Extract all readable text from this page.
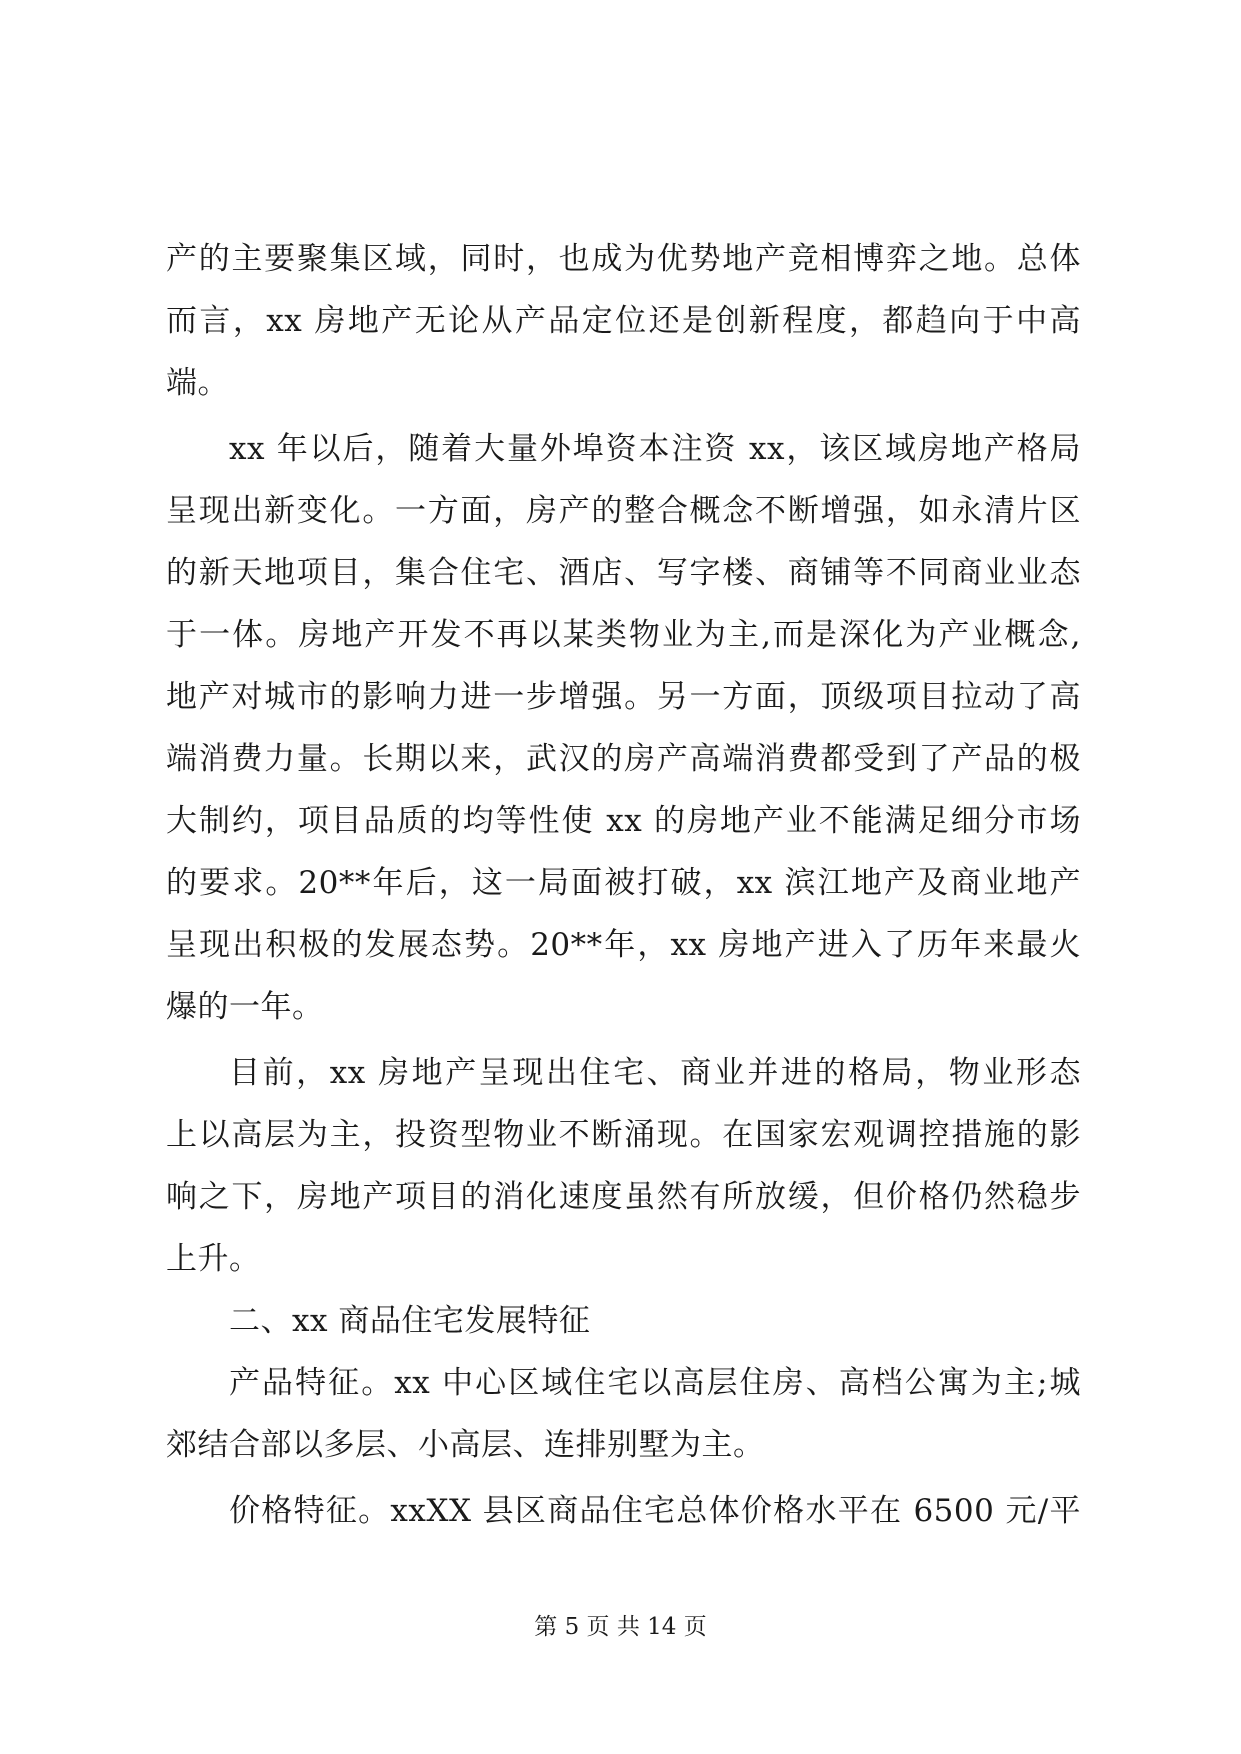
产的主要聚集区域，同时，也成为优势地产竞相博弈之地。总体
而言，xx 房地产无论从产品定位还是创新程度，都趋向于中高
端。
xx 年以后，随着大量外埠资本注资 xx，该区域房地产格局
呈现出新变化。一方面，房产的整合概念不断增强，如永清片区
的新天地项目，集合住宅、酒店、写字楼、商铺等不同商业业态
于一体。房地产开发不再以某类物业为主,而是深化为产业概念,
地产对城市的影响力进一步增强。另一方面，顶级项目拉动了高
端消费力量。长期以来，武汉的房产高端消费都受到了产品的极
大制约，项目品质的均等性使 xx 的房地产业不能满足细分市场
的要求。20**年后，这一局面被打破，xx 滨江地产及商业地产
呈现出积极的发展态势。20**年，xx 房地产进入了历年来最火
爆的一年。
目前，xx 房地产呈现出住宅、商业并进的格局，物业形态
上以高层为主，投资型物业不断涌现。在国家宏观调控措施的影
响之下，房地产项目的消化速度虽然有所放缓，但价格仍然稳步
上升。
二、xx 商品住宅发展特征
产品特征。xx 中心区域住宅以高层住房、高档公寓为主;城
郊结合部以多层、小高层、连排别墅为主。
价格特征。xxXX 县区商品住宅总体价格水平在 6500 元/平
第 5 页 共 14 页
